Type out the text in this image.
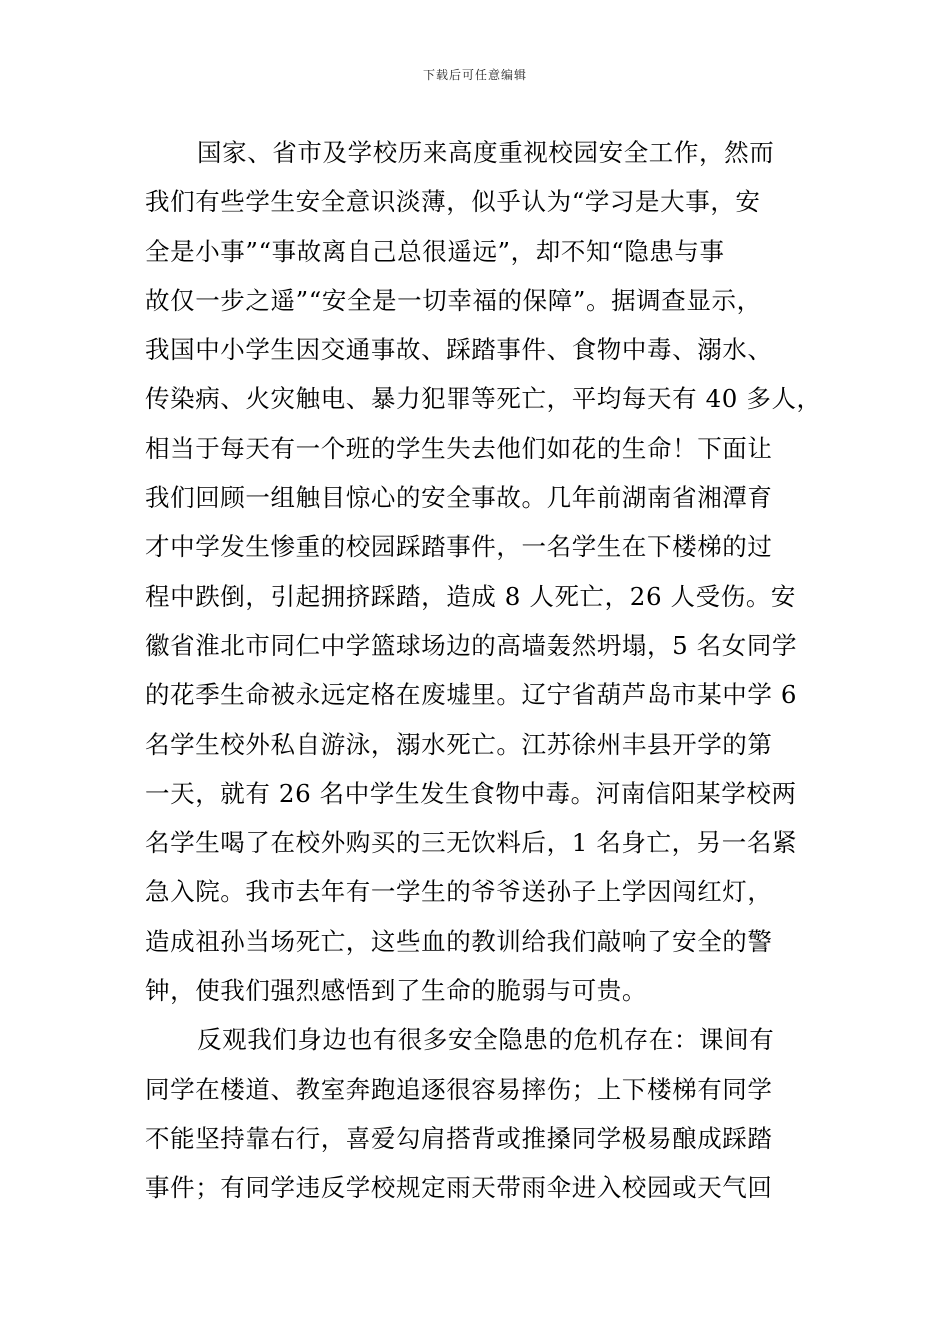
下载后可任意编辑
国家、省市及学校历来高度重视校园安全工作，然而
我们有些学生安全意识淡薄，似乎认为“学习是大事，安
全是小事”“事故离自己总很遥远”，却不知“隐患与事
故仅一步之遥”“安全是一切幸福的保障”。据调查显示，
我国中小学生因交通事故、踩踏事件、食物中毒、溺水、
传染病、火灾触电、暴力犯罪等死亡，平均每天有 40 多人，
相当于每天有一个班的学生失去他们如花的生命！下面让
我们回顾一组触目惊心的安全事故。几年前湖南省湘潭育
才中学发生惨重的校园踩踏事件，一名学生在下楼梯的过
程中跌倒，引起拥挤踩踏，造成 8 人死亡，26 人受伤。安
徽省淮北市同仁中学篮球场边的高墙轰然坍塌，5 名女同学
的花季生命被永远定格在废墟里。辽宁省葫芦岛市某中学 6
名学生校外私自游泳，溺水死亡。江苏徐州丰县开学的第
一天，就有 26 名中学生发生食物中毒。河南信阳某学校两
名学生喝了在校外购买的三无饮料后，1 名身亡，另一名紧
急入院。我市去年有一学生的爷爷送孙子上学因闯红灯，
造成祖孙当场死亡，这些血的教训给我们敲响了安全的警
钟，使我们强烈感悟到了生命的脆弱与可贵。
反观我们身边也有很多安全隐患的危机存在：课间有
同学在楼道、教室奔跑追逐很容易摔伤；上下楼梯有同学
不能坚持靠右行，喜爱勾肩搭背或推搡同学极易酿成踩踏
事件；有同学违反学校规定雨天带雨伞进入校园或天气回
